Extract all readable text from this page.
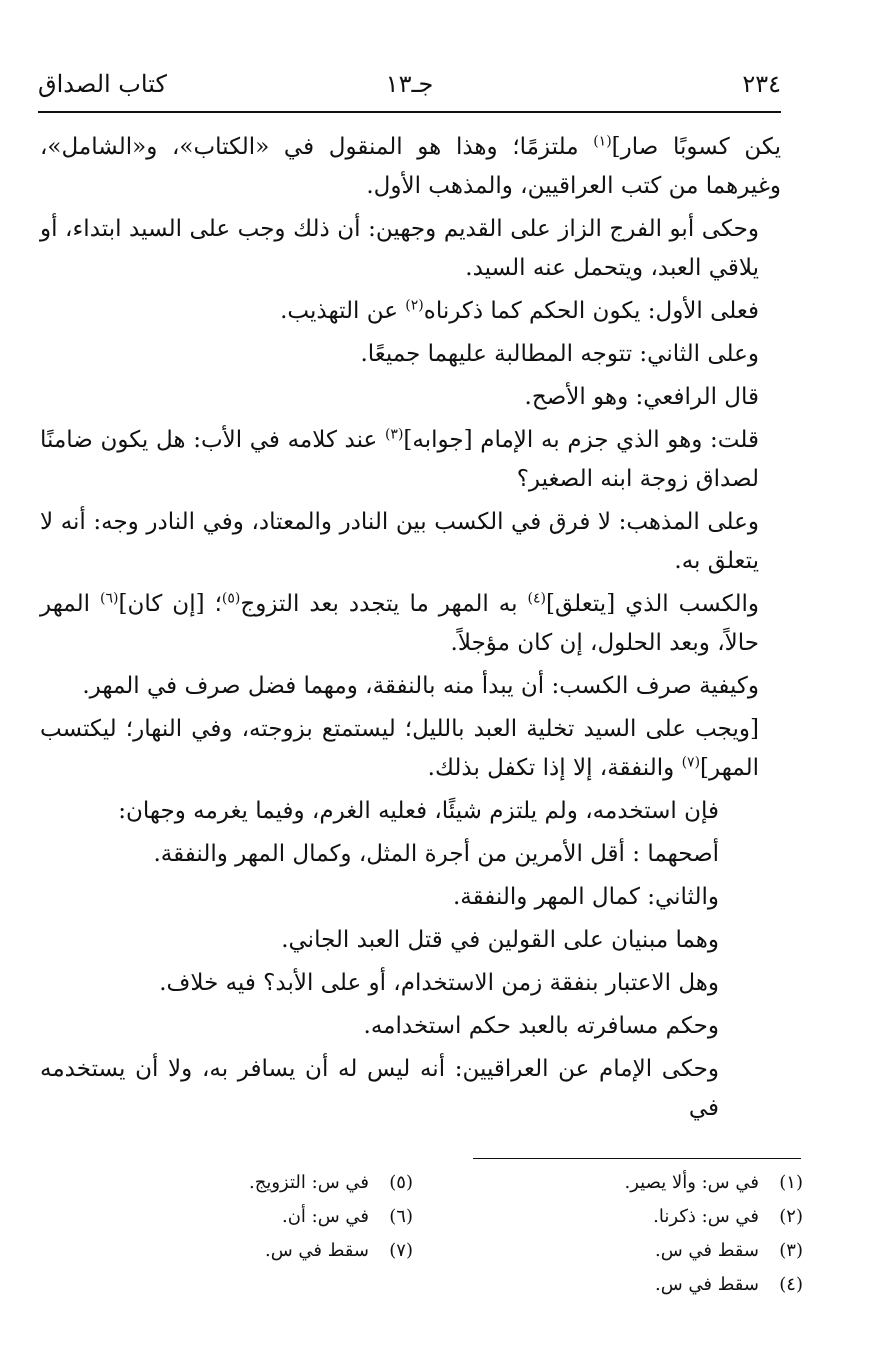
٢٣٤
جـ١٣
كتاب الصداق

يكن كسوبًا صار]$^{(١)}$ ملتزمًا؛ وهذا هو المنقول في «الكتاب»، و«الشامل»، وغيرهما من كتب العراقيين، والمذهب الأول.

وحكى أبو الفرج الزاز على القديم وجهين: أن ذلك وجب على السيد ابتداء، أو يلاقي العبد، ويتحمل عنه السيد.

فعلى الأول: يكون الحكم كما ذكرناه$^{(٢)}$ عن التهذيب.

وعلى الثاني: تتوجه المطالبة عليهما جميعًا.

قال الرافعي: وهو الأصح.

قلت: وهو الذي جزم به الإمام [جوابه]$^{(٣)}$ عند كلامه في الأب: هل يكون ضامنًا لصداق زوجة ابنه الصغير؟

وعلى المذهب: لا فرق في الكسب بين النادر والمعتاد، وفي النادر وجه: أنه لا يتعلق به.

والكسب الذي [يتعلق]$^{(٤)}$ به المهر ما يتجدد بعد التزوج$^{(٥)}$؛ [إن كان]$^{(٦)}$ المهر حالاً، وبعد الحلول، إن كان مؤجلاً.

وكيفية صرف الكسب: أن يبدأ منه بالنفقة، ومهما فضل صرف في المهر.

[ويجب على السيد تخلية العبد بالليل؛ ليستمتع بزوجته، وفي النهار؛ ليكتسب المهر]$^{(٧)}$ والنفقة، إلا إذا تكفل بذلك.

فإن استخدمه، ولم يلتزم شيئًا، فعليه الغرم، وفيما يغرمه وجهان:

أصحهما : أقل الأمرين من أجرة المثل، وكمال المهر والنفقة.

والثاني: كمال المهر والنفقة.

وهما مبنيان على القولين في قتل العبد الجاني.

وهل الاعتبار بنفقة زمن الاستخدام، أو على الأبد؟ فيه خلاف.

وحكم مسافرته بالعبد حكم استخدامه.

وحكى الإمام عن العراقيين: أنه ليس له أن يسافر به، ولا أن يستخدمه في

(١)
في س: وألا يصير.
(٢)
في س: ذكرنا.
(٣)
سقط في س.
(٤)
سقط في س.
(٥)
في س: التزويج.
(٦)
في س: أن.
(٧)
سقط في س.
